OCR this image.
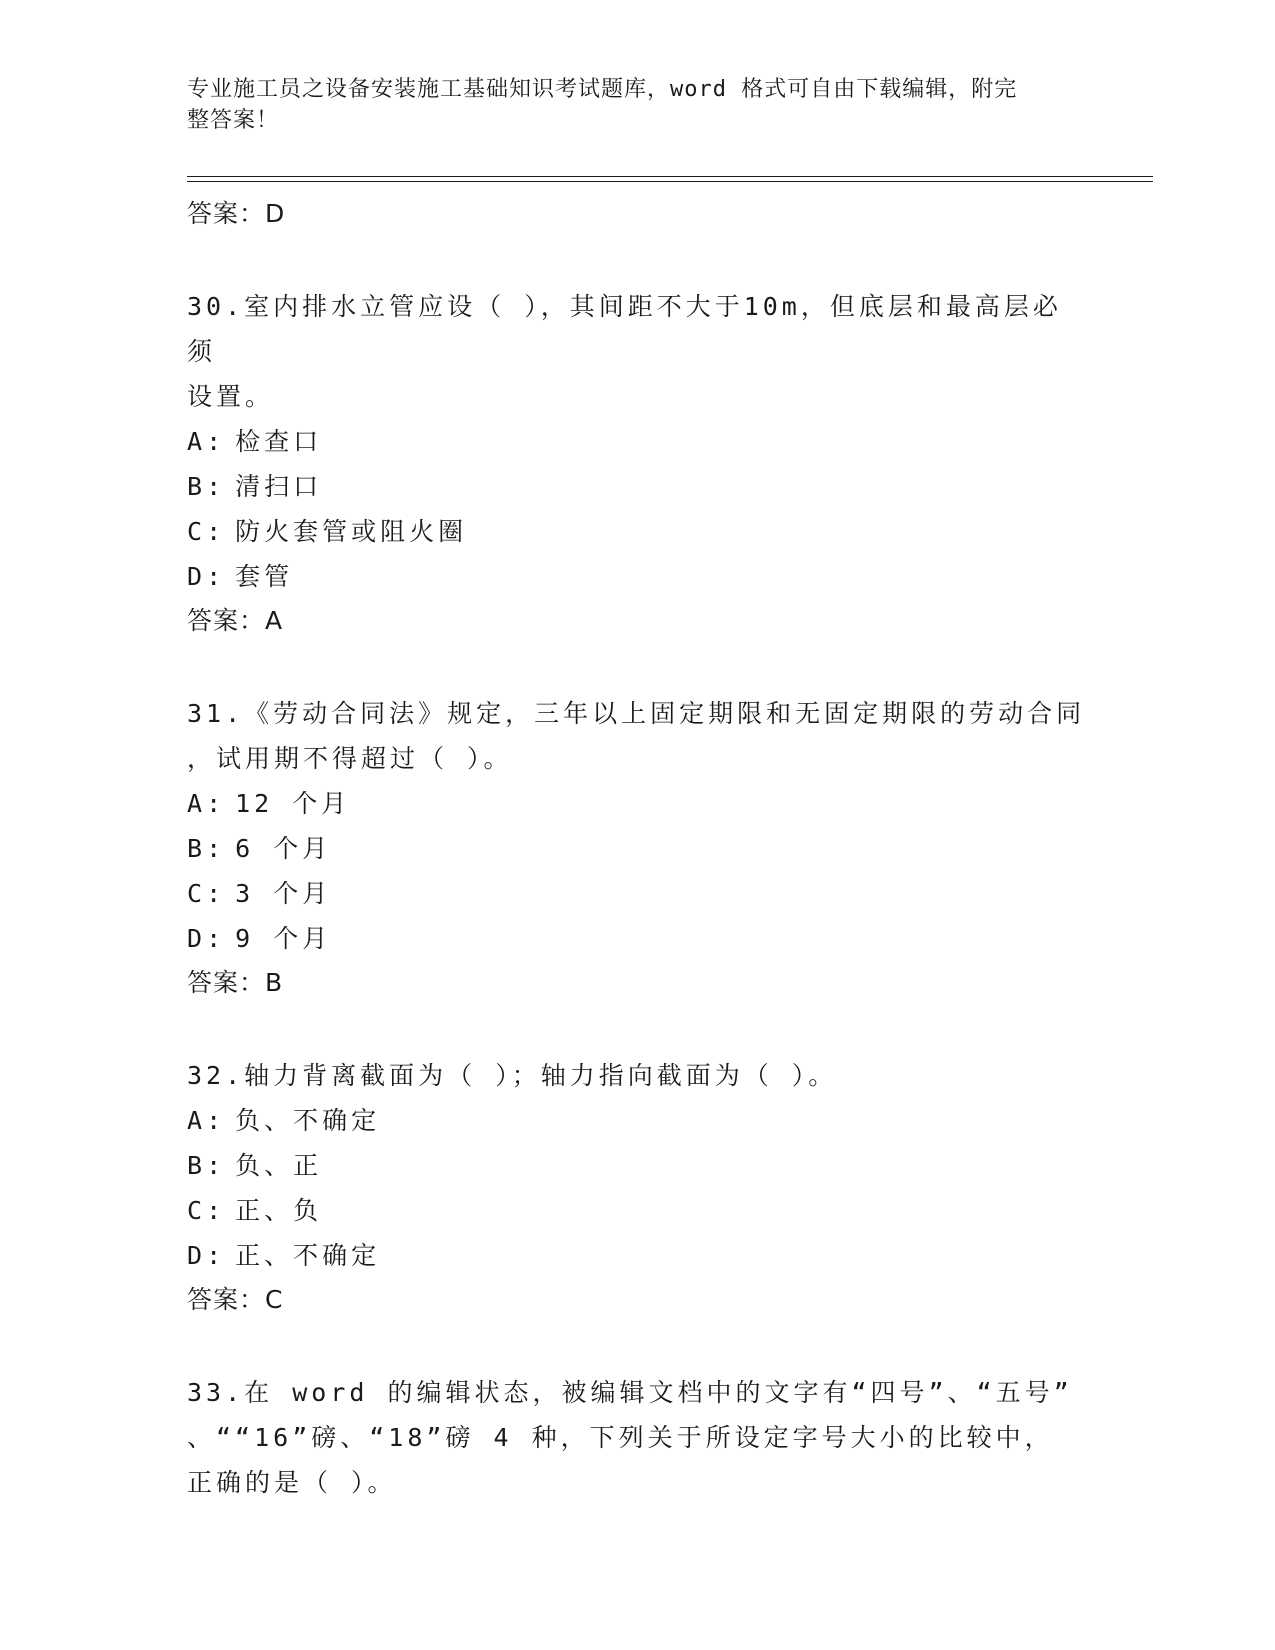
专业施工员之设备安装施工基础知识考试题库，word 格式可自由下载编辑，附完
整答案！
答案：D
30.室内排水立管应设（ ），其间距不大于10m，但底层和最高层必须
设置。
A: 检查口
B: 清扫口
C: 防火套管或阻火圈
D: 套管
答案：A
31.《劳动合同法》规定，三年以上固定期限和无固定期限的劳动合同
，试用期不得超过（ ）。
A: 12 个月
B: 6 个月
C: 3 个月
D: 9 个月
答案：B
32.轴力背离截面为（ ）；轴力指向截面为（ ）。
A: 负、不确定
B: 负、正
C: 正、负
D: 正、不确定
答案：C
33.在 word 的编辑状态，被编辑文档中的文字有“四号”、“五号”
、““16”磅、“18”磅 4 种，下列关于所设定字号大小的比较中，
正确的是（ ）。
